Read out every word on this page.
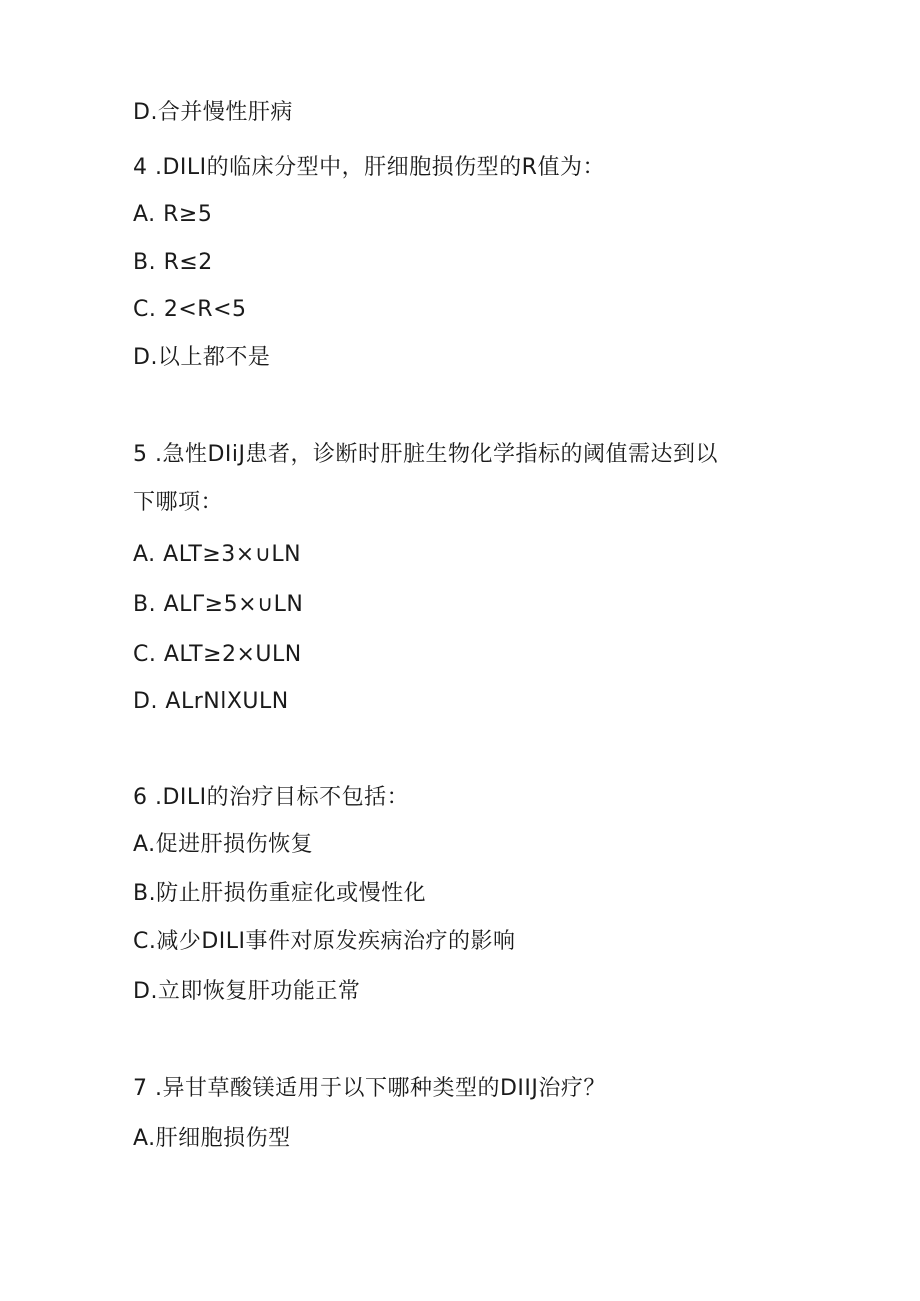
D.合并慢性肝病
4 .DILI的临床分型中，肝细胞损伤型的R值为：
A. R≥5
B. R≤2
C. 2<R<5
D.以上都不是
5 .急性DIiJ患者，诊断时肝脏生物化学指标的阈值需达到以
下哪项：
A. ALT≥3×∪LN
B. ALΓ≥5×∪LN
C. ALT≥2×ULN
D. ALrNlXULN
6 .DILI的治疗目标不包括：
A.促进肝损伤恢复
B.防止肝损伤重症化或慢性化
C.减少DILI事件对原发疾病治疗的影响
D.立即恢复肝功能正常
7 .异甘草酸镁适用于以下哪种类型的DIIJ治疗？
A.肝细胞损伤型
